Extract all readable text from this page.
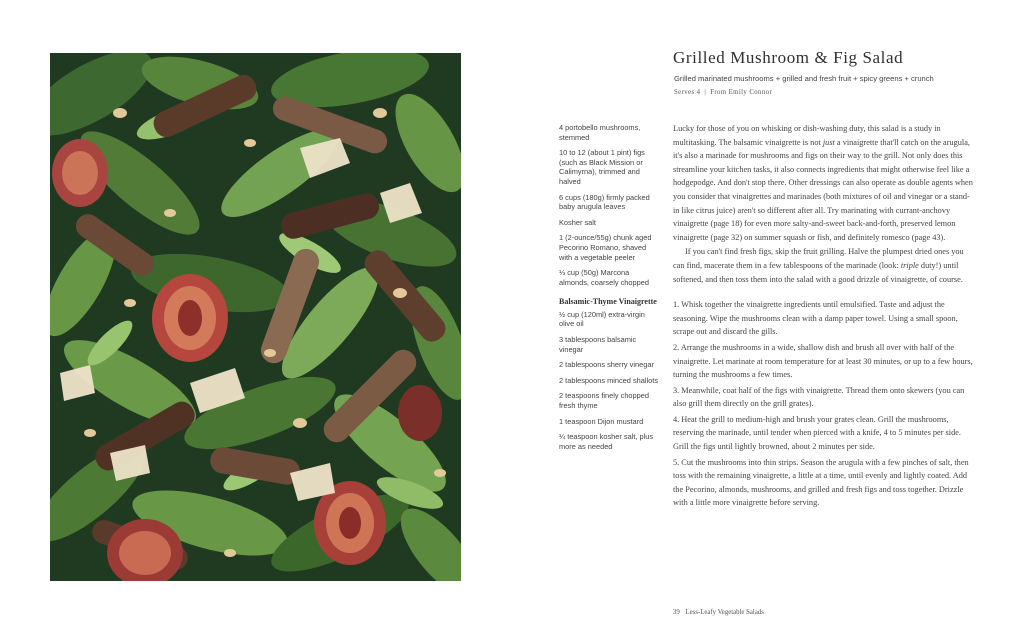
4 portobello mushrooms, stemmed
10 to 12 (about 1 pint) figs (such as Black Mission or Calimyrna), trimmed and halved
6 cups (180g) firmly packed baby arugula leaves
Kosher salt
1 (2-ounce/55g) chunk aged Pecorino Romano, shaved with a vegetable peeler
⅓ cup (50g) Marcona almonds, coarsely chopped
Balsamic-Thyme Vinaigrette
½ cup (120ml) extra-virgin olive oil
3 tablespoons balsamic vinegar
2 tablespoons sherry vinegar
2 tablespoons minced shallots
2 teaspoons finely chopped fresh thyme
1 teaspoon Dijon mustard
¼ teaspoon kosher salt, plus more as needed
Grilled Mushroom & Fig Salad

Grilled marinated mushrooms + grilled and fresh fruit + spicy greens + crunch

Serves 4 | From Emily Connor

Lucky for those of you on whisking or dish-washing duty, this salad is a study in multitasking. The balsamic vinaigrette is not just a vinaigrette that'll catch on the arugula, it's also a marinade for mushrooms and figs on their way to the grill. Not only does this streamline your kitchen tasks, it also connects ingredients that might otherwise feel like a hodgepodge. And don't stop there. Other dressings can also operate as double agents when you consider that vinaigrettes and marinades (both mixtures of oil and vinegar or a stand-in like citrus juice) aren't so different after all. Try marinating with currant-anchovy vinaigrette (page 18) for even more salty-and-sweet back-and-forth, preserved lemon vinaigrette (page 32) on summer squash or fish, and definitely romesco (page 43).

If you can't find fresh figs, skip the fruit grilling. Halve the plumpest dried ones you can find, macerate them in a few tablespoons of the marinade (look: triple duty!) until softened, and then toss them into the salad with a good drizzle of vinaigrette, of course.

1. Whisk together the vinaigrette ingredients until emulsified. Taste and adjust the seasoning. Wipe the mushrooms clean with a damp paper towel. Using a small spoon, scrape out and discard the gills.

2. Arrange the mushrooms in a wide, shallow dish and brush all over with half of the vinaigrette. Let marinate at room temperature for at least 30 minutes, or up to a few hours, turning the mushrooms a few times.

3. Meanwhile, coat half of the figs with vinaigrette. Thread them onto skewers (you can also grill them directly on the grill grates).

4. Heat the grill to medium-high and brush your grates clean. Grill the mushrooms, reserving the marinade, until tender when pierced with a knife, 4 to 5 minutes per side. Grill the figs until lightly browned, about 2 minutes per side.

5. Cut the mushrooms into thin strips. Season the arugula with a few pinches of salt, then toss with the remaining vinaigrette, a little at a time, until evenly and lightly coated. Add the Pecorino, almonds, mushrooms, and grilled and fresh figs and toss together. Drizzle with a little more vinaigrette before serving.

39 Less-Leafy Vegetable Salads
